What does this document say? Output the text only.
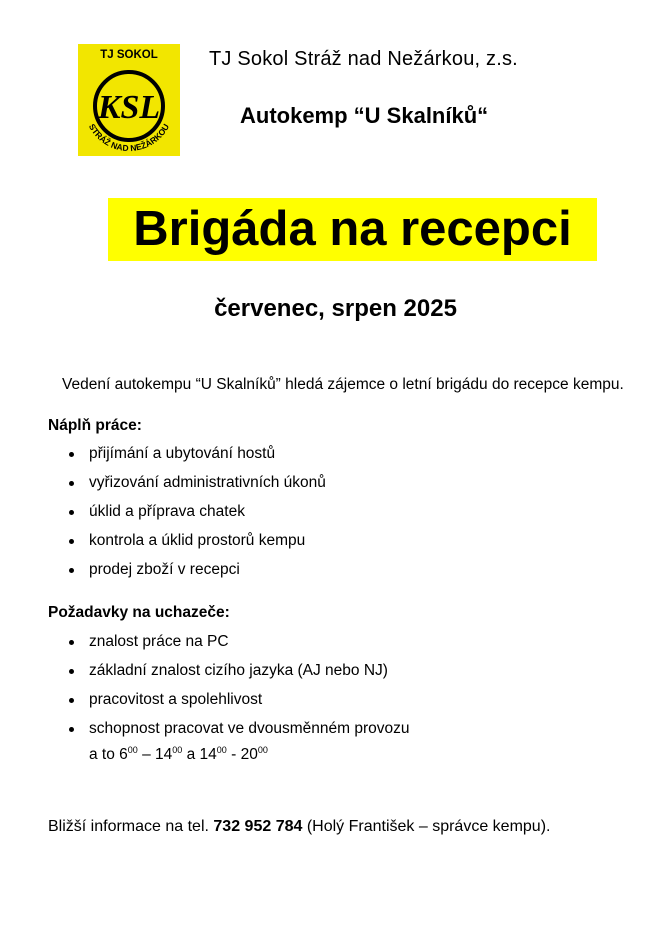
TJ SOKOL
KSL
STRÁŽ NAD NEŽÁRKOU
TJ Sokol Stráž nad Nežárkou, z.s.
Autokemp “U Skalníků“
Brigáda na recepci
červenec, srpen 2025
Vedení autokempu “U Skalníků” hledá zájemce o letní brigádu do recepce kempu.
Náplň práce:
přijímání a ubytování hostů
vyřizování administrativních úkonů
úklid a příprava chatek
kontrola a úklid prostorů kempu
prodej zboží v recepci
Požadavky na uchazeče:
znalost práce na PC
základní znalost cizího jazyka (AJ nebo NJ)
pracovitost a spolehlivost
schopnost pracovat ve dvousměnném provozu
a to $6^{00} - 14^{00}$ a $14^{00} - 20^{00}$
Bližší informace na tel. 732 952 784 (Holý František – správce kempu).
